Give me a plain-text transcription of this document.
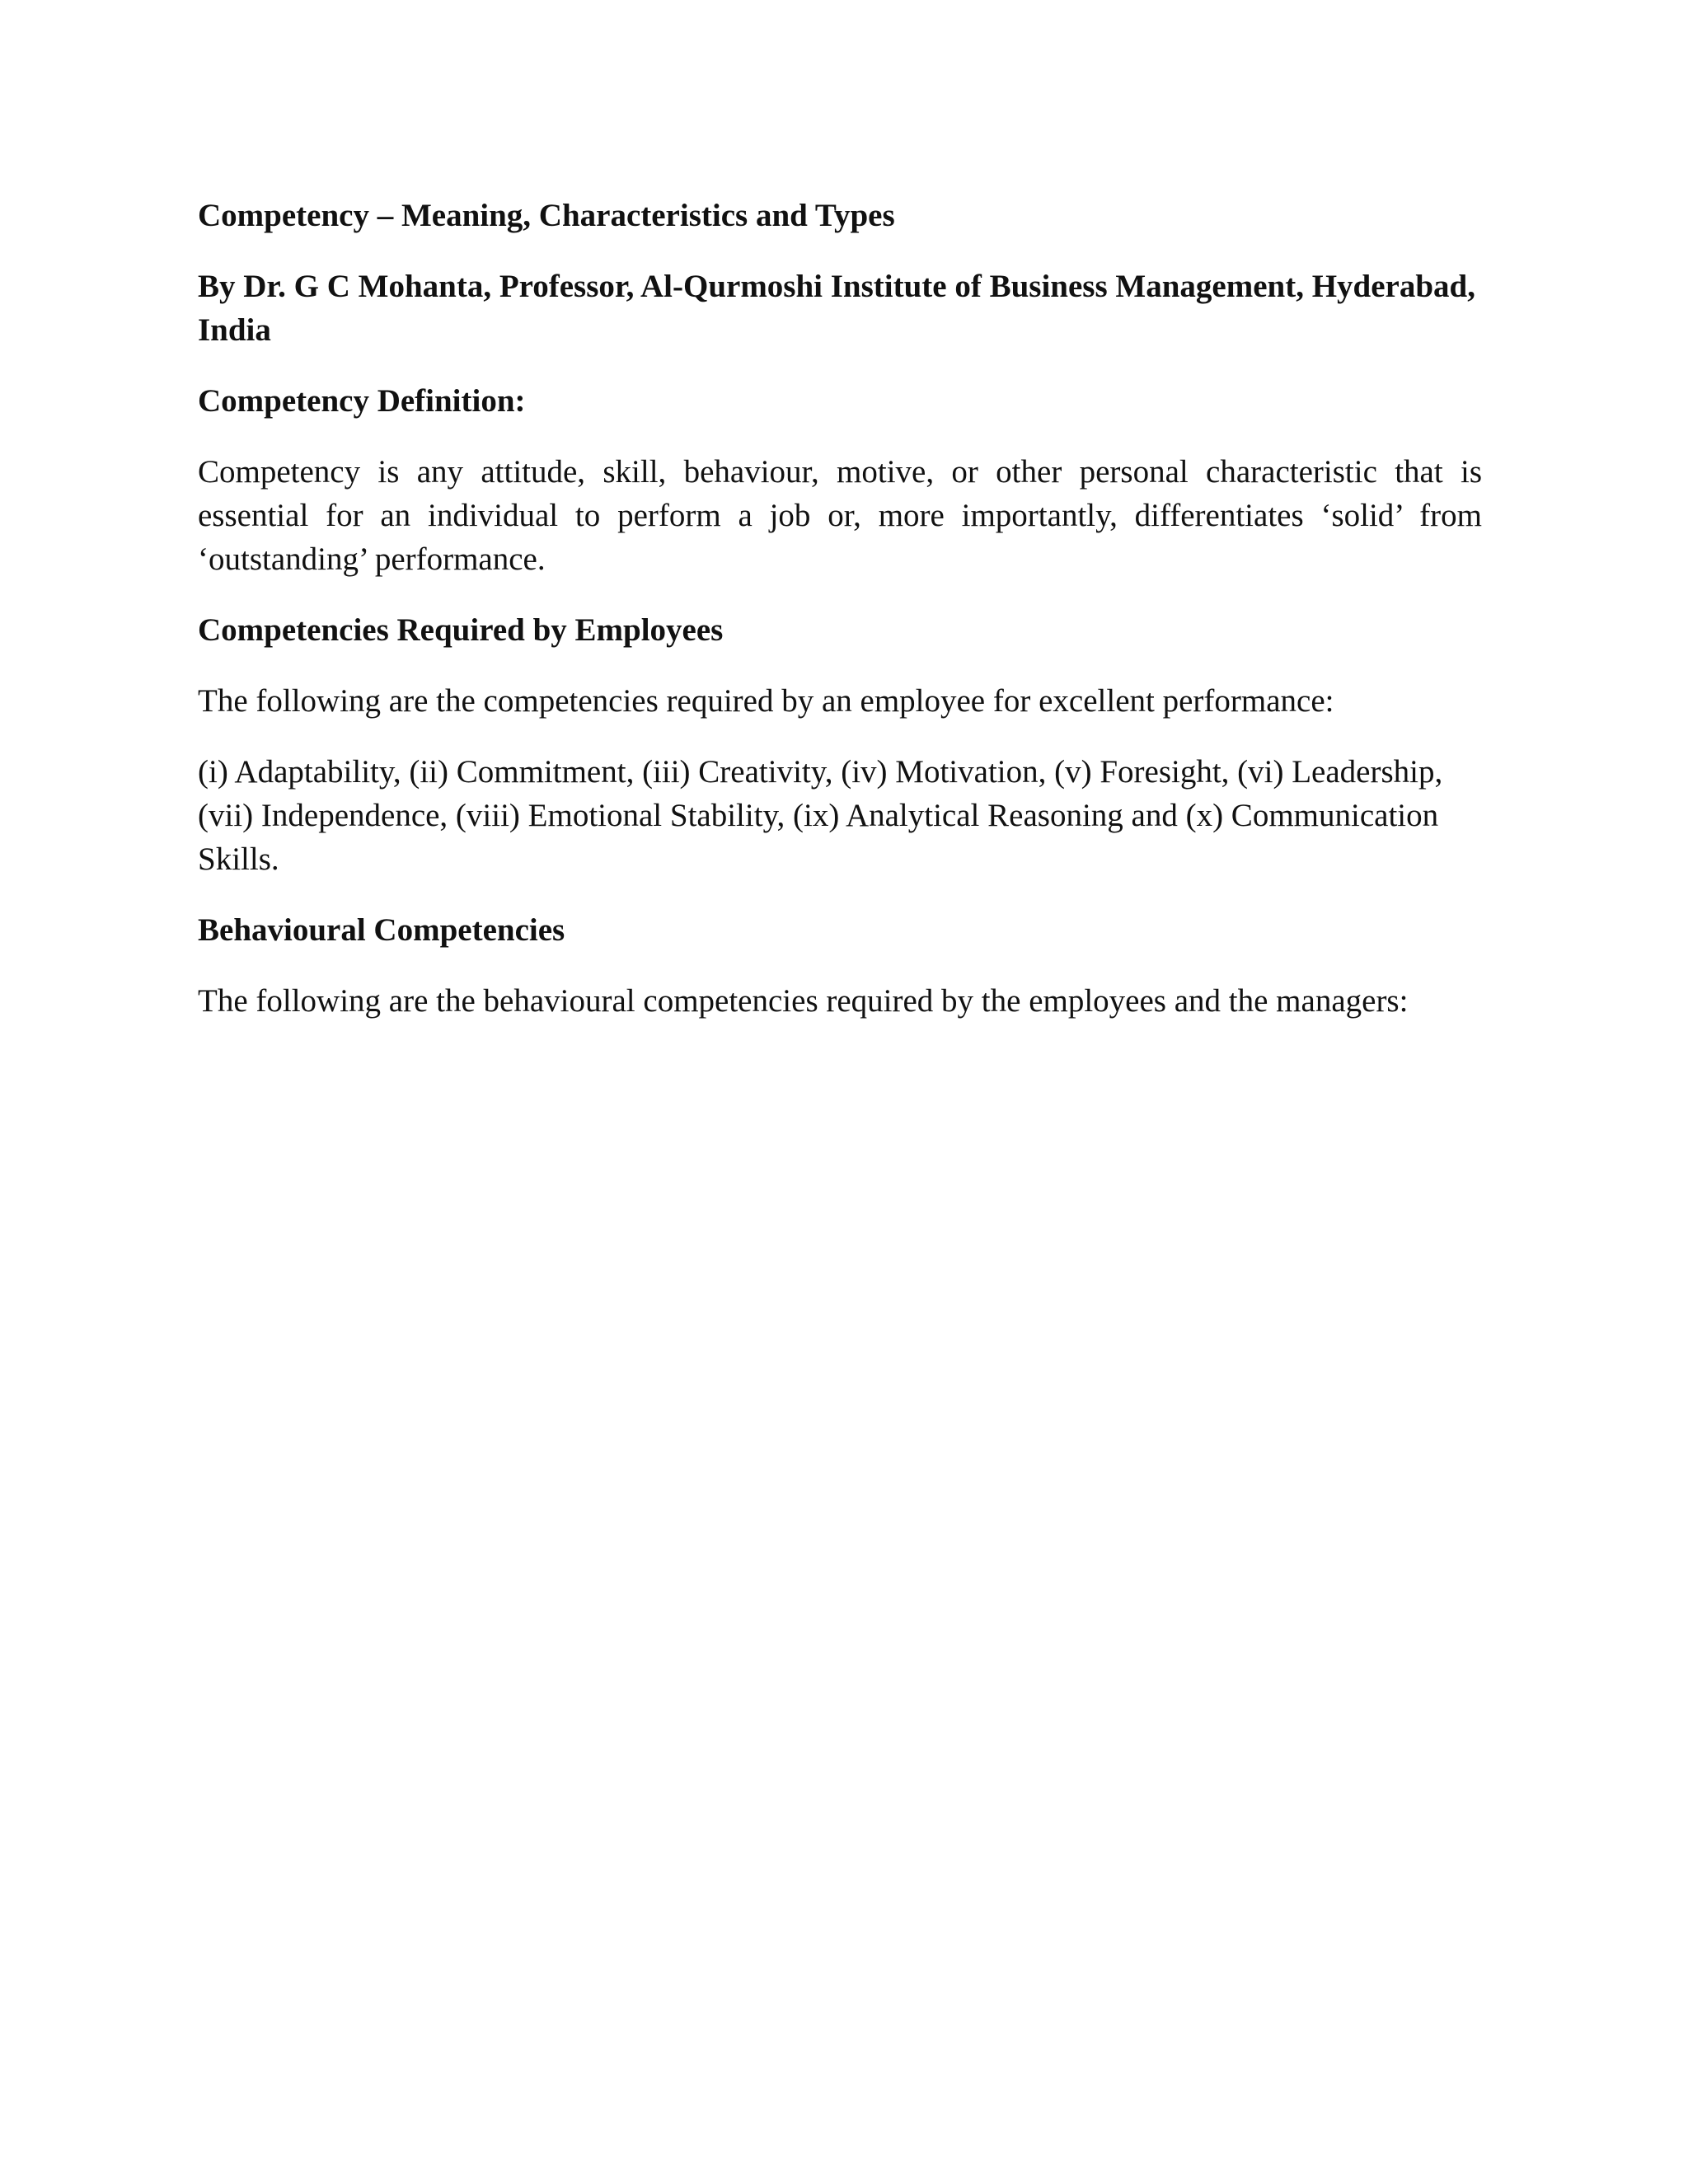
Competency – Meaning, Characteristics and Types
By Dr. G C Mohanta, Professor, Al-Qurmoshi Institute of Business Management, Hyderabad, India
Competency Definition:
Competency is any attitude, skill, behaviour, motive, or other personal characteristic that is essential for an individual to perform a job or, more importantly, differentiates ‘solid’ from ‘outstanding’ performance.
Competencies Required by Employees
The following are the competencies required by an employee for excellent performance:
(i) Adaptability, (ii) Commitment, (iii) Creativity, (iv) Motivation, (v) Foresight, (vi) Leadership, (vii) Independence, (viii) Emotional Stability, (ix) Analytical Reasoning and (x) Communication Skills.
Behavioural Competencies
The following are the behavioural competencies required by the employees and the managers:
